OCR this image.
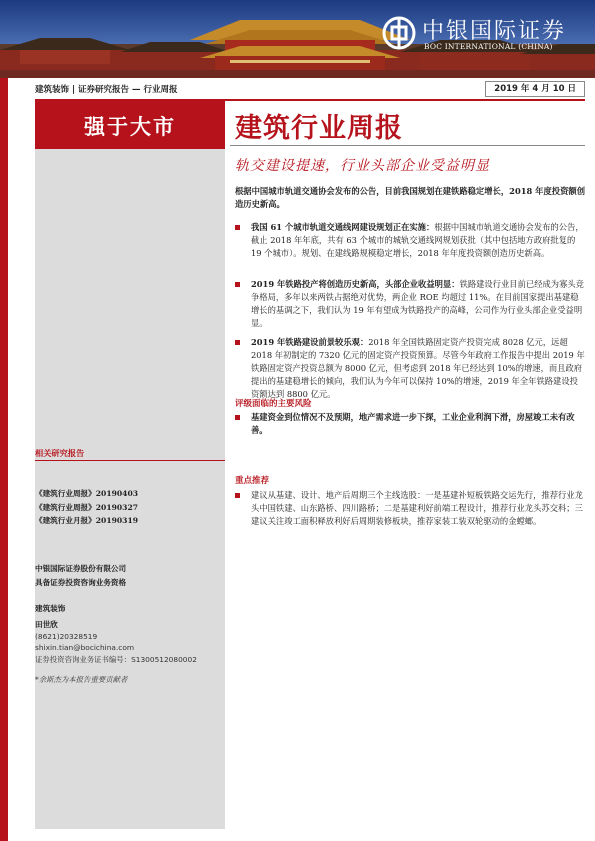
中银国际证券
BOC INTERNATIONAL (CHINA)
建筑装饰 | 证券研究报告 — 行业周报	2019 年 4 月 10 日
强于大市
相关研究报告
《建筑行业周报》20190403
《建筑行业周报》20190327
《建筑行业月报》20190319
中银国际证券股份有限公司
具备证券投资咨询业务资格
建筑装饰
田世欣
(8621)20328519
shixin.tian@bocichina.com
证券投资咨询业务证书编号：S1300512080002
*余斯杰为本报告重要贡献者
建筑行业周报
轨交建设提速，行业头部企业受益明显
根据中国城市轨道交通协会发布的公告，目前我国规划在建铁路稳定增长，2018 年度投资额创造历史新高。
我国 61 个城市轨道交通线网建设规划正在实施：根据中国城市轨道交通协会发布的公告，截止 2018 年年底，共有 63 个城市的城轨交通线网规划获批（其中包括地方政府批复的 19 个城市）。规划、在建线路规模稳定增长，2018 年年度投资额创造历史新高。
2019 年铁路投产将创造历史新高，头部企业收益明显：铁路建设行业目前已经成为寡头竞争格局，多年以来两铁占据绝对优势，两企业 ROE 均超过 11%。在目前国家提出基建稳增长的基调之下，我们认为 19 年有望成为铁路投产的高峰，公司作为行业头部企业受益明显。
2019 年铁路建设前景较乐观：2018 年全国铁路固定资产投资完成 8028 亿元，远超 2018 年初制定的 7320 亿元的固定资产投资预算。尽管今年政府工作报告中提出 2019 年铁路固定资产投资总额为 8000 亿元，但考虑到 2018 年已经达到 10%的增速，而且政府提出的基建稳增长的倾向，我们认为今年可以保持 10%的增速，2019 年全年铁路建设投资额达到 8800 亿元。
评级面临的主要风险
基建资金到位情况不及预期，地产需求进一步下探，工业企业利润下滑，房屋竣工未有改善。
重点推荐
建议从基建、设计、地产后周期三个主线选股：一是基建补短板铁路交运先行，推荐行业龙头中国铁建、山东路桥、四川路桥；二是基建利好前端工程设计，推荐行业龙头苏交科；三建议关注竣工面积释放利好后周期装修板块，推荐家装工装双轮驱动的金螳螂。
